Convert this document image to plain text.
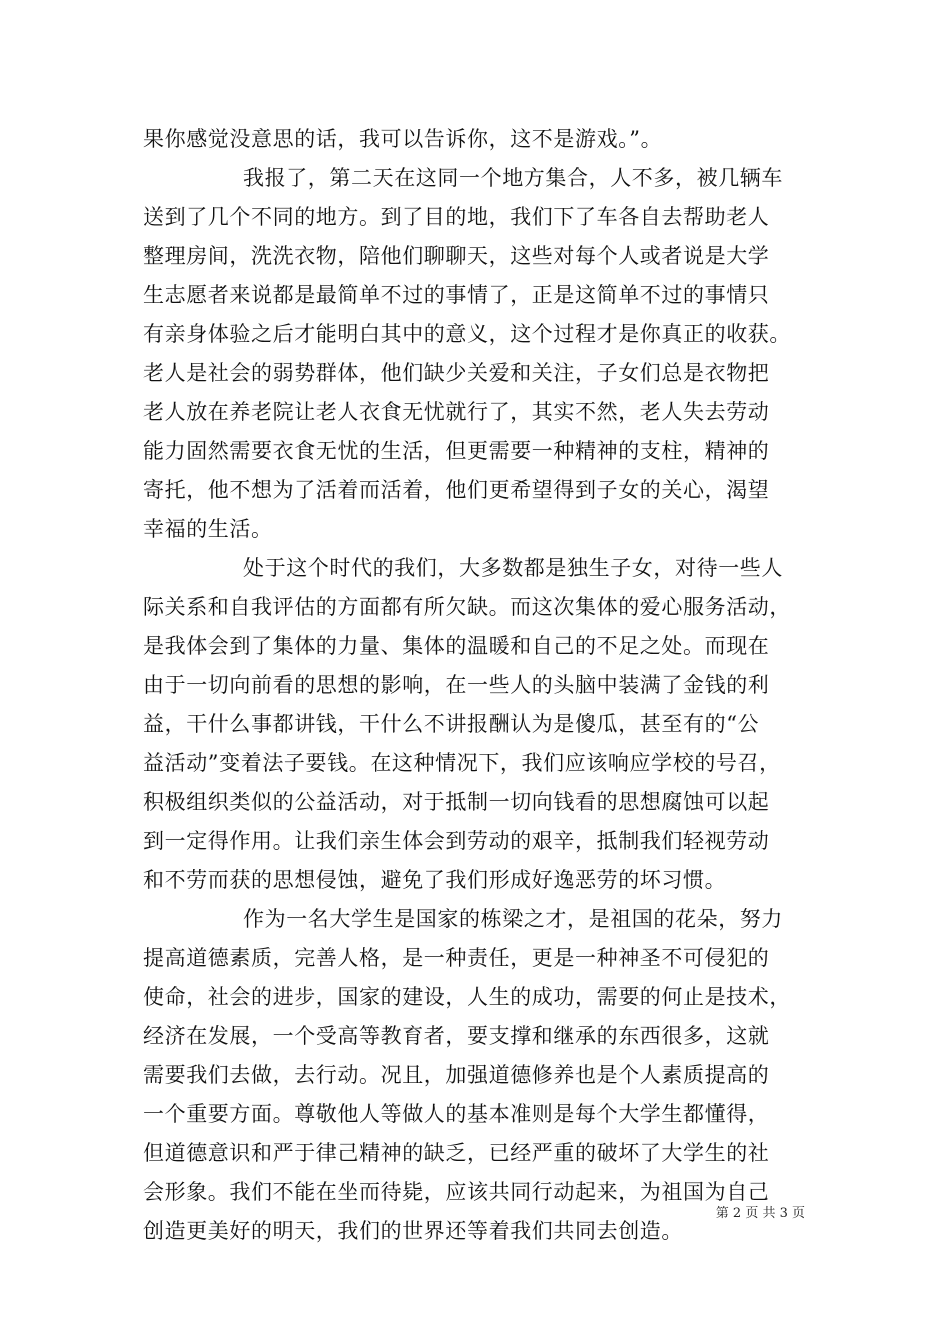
果你感觉没意思的话，我可以告诉你，这不是游戏。”。
我报了，第二天在这同一个地方集合，人不多，被几辆车
送到了几个不同的地方。到了目的地，我们下了车各自去帮助老人
整理房间，洗洗衣物，陪他们聊聊天，这些对每个人或者说是大学
生志愿者来说都是最简单不过的事情了，正是这简单不过的事情只
有亲身体验之后才能明白其中的意义，这个过程才是你真正的收获。
老人是社会的弱势群体，他们缺少关爱和关注，子女们总是衣物把
老人放在养老院让老人衣食无忧就行了，其实不然，老人失去劳动
能力固然需要衣食无忧的生活，但更需要一种精神的支柱，精神的
寄托，他不想为了活着而活着，他们更希望得到子女的关心，渴望
幸福的生活。
处于这个时代的我们，大多数都是独生子女，对待一些人
际关系和自我评估的方面都有所欠缺。而这次集体的爱心服务活动，
是我体会到了集体的力量、集体的温暖和自己的不足之处。而现在
由于一切向前看的思想的影响，在一些人的头脑中装满了金钱的利
益，干什么事都讲钱，干什么不讲报酬认为是傻瓜，甚至有的“公
益活动”变着法子要钱。在这种情况下，我们应该响应学校的号召，
积极组织类似的公益活动，对于抵制一切向钱看的思想腐蚀可以起
到一定得作用。让我们亲生体会到劳动的艰辛，抵制我们轻视劳动
和不劳而获的思想侵蚀，避免了我们形成好逸恶劳的坏习惯。
作为一名大学生是国家的栋梁之才，是祖国的花朵，努力
提高道德素质，完善人格，是一种责任，更是一种神圣不可侵犯的
使命，社会的进步，国家的建设，人生的成功，需要的何止是技术，
经济在发展，一个受高等教育者，要支撑和继承的东西很多，这就
需要我们去做，去行动。况且，加强道德修养也是个人素质提高的
一个重要方面。尊敬他人等做人的基本准则是每个大学生都懂得，
但道德意识和严于律己精神的缺乏，已经严重的破坏了大学生的社
会形象。我们不能在坐而待毙，应该共同行动起来，为祖国为自己
创造更美好的明天，我们的世界还等着我们共同去创造。
第 2 页 共 3 页
